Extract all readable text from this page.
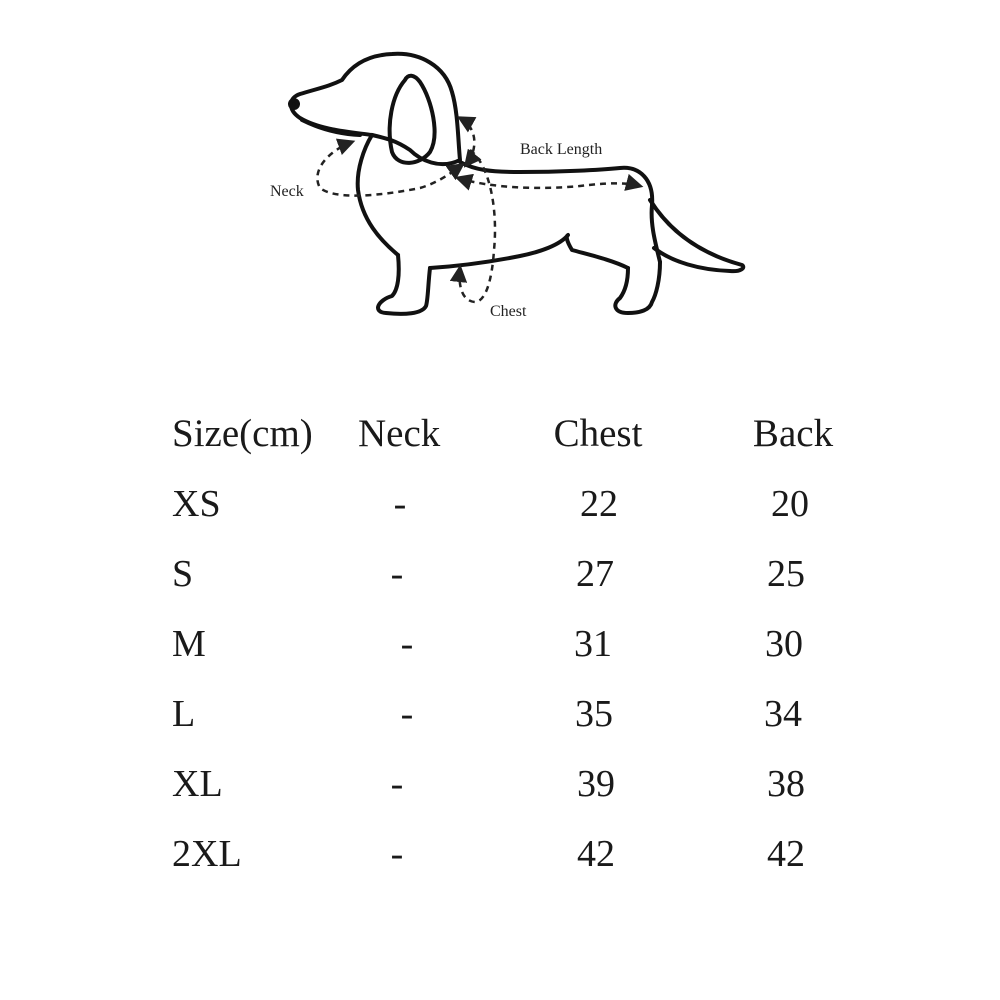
Back Length
Neck
Chest
Size(cm) Neck	Chest	Back
XS	-	22	20
S	-	27	25
M	-	31	30
L	-	35	34
XL	-	39	38
2XL	-	42	42
